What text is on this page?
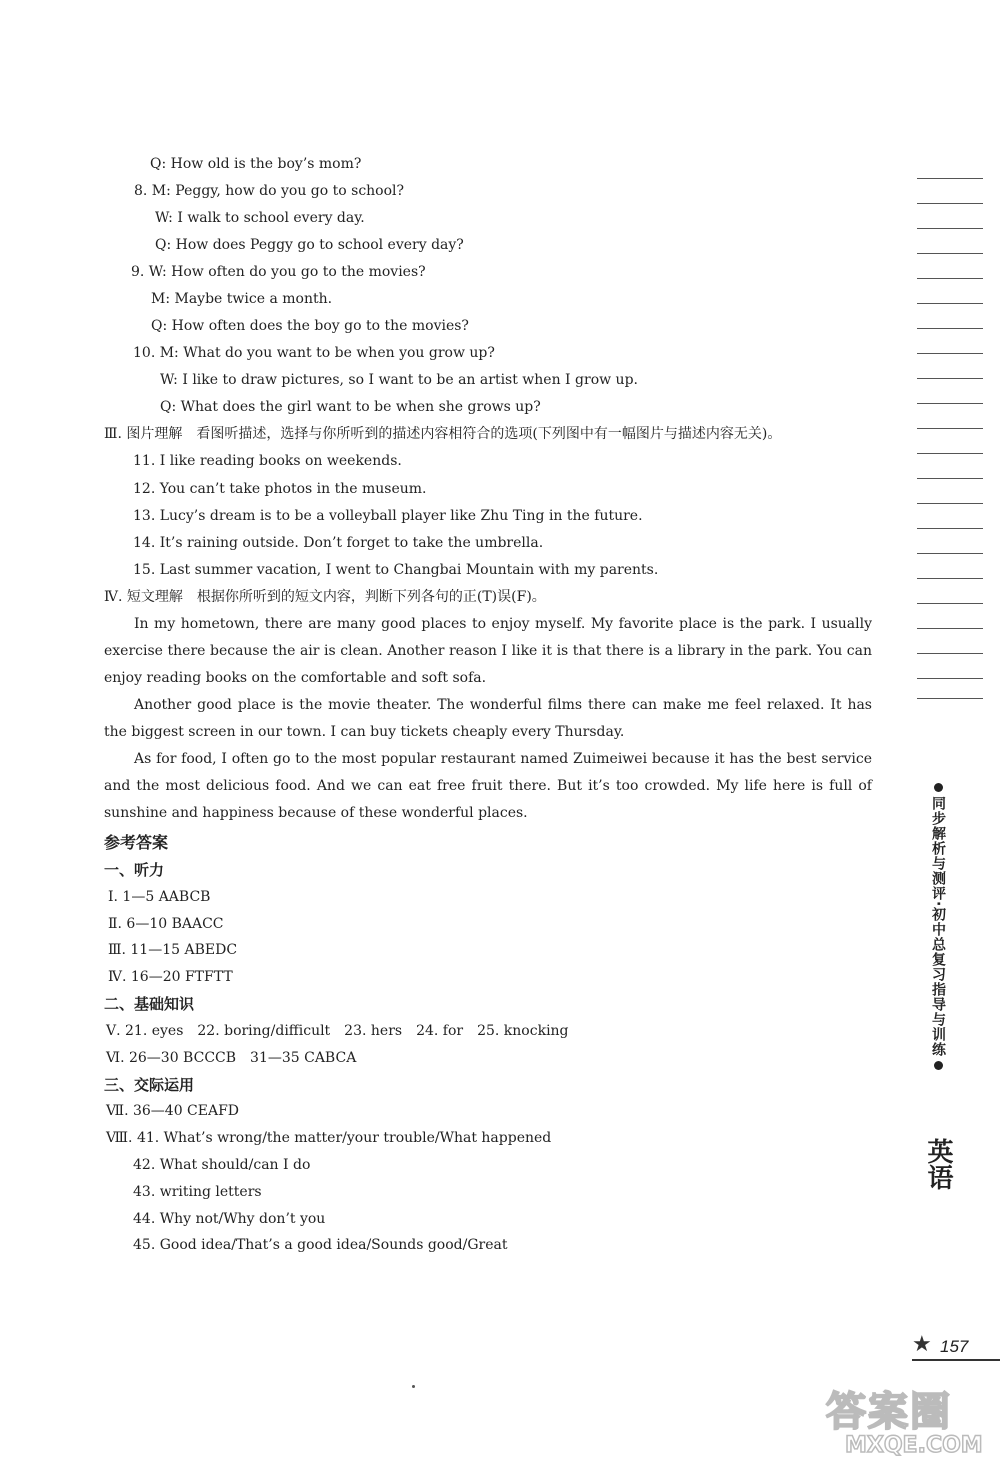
Q: How old is the boy’s mom?
8. M: Peggy, how do you go to school?
W: I walk to school every day.
Q: How does Peggy go to school every day?
9. W: How often do you go to the movies?
M: Maybe twice a month.
Q: How often does the boy go to the movies?
10. M: What do you want to be when you grow up?
W: I like to draw pictures, so I want to be an artist when I grow up.
Q: What does the girl want to be when she grows up?
Ⅲ. 图片理解　看图听描述，选择与你所听到的描述内容相符合的选项(下列图中有一幅图片与描述内容无关)。
11. I like reading books on weekends.
12. You can’t take photos in the museum.
13. Lucy’s dream is to be a volleyball player like Zhu Ting in the future.
14. It’s raining outside. Don’t forget to take the umbrella.
15. Last summer vacation, I went to Changbai Mountain with my parents.
Ⅳ. 短文理解　根据你所听到的短文内容，判断下列各句的正(T)误(F)。
In my hometown, there are many good places to enjoy myself. My favorite place is the park. I usually exercise there because the air is clean. Another reason I like it is that there is a library in the park. You can enjoy reading books on the comfortable and soft sofa.
Another good place is the movie theater. The wonderful films there can make me feel relaxed. It has the biggest screen in our town. I can buy tickets cheaply every Thursday.
As for food, I often go to the most popular restaurant named Zuimeiwei because it has the best service and the most delicious food. And we can eat free fruit there. But it’s too crowded. My life here is full of sunshine and happiness because of these wonderful places.
参考答案
一、听力
Ⅰ. 1—5 AABCB
Ⅱ. 6—10 BAACC
Ⅲ. 11—15 ABEDC
Ⅳ. 16—20 FTFTT
二、基础知识
Ⅴ. 21. eyes　22. boring/difficult　23. hers　24. for　25. knocking
Ⅵ. 26—30 BCCCB　31—35 CABCA
三、交际运用
Ⅶ. 36—40 CEAFD
Ⅷ. 41. What’s wrong/the matter/your trouble/What happened
42. What should/can I do
43. writing letters
44. Why not/Why don’t you
45. Good idea/That’s a good idea/Sounds good/Great
同步解析与测评·初中总复习指导与训练
英语
★ 157
答案圈
MXQE.COM
